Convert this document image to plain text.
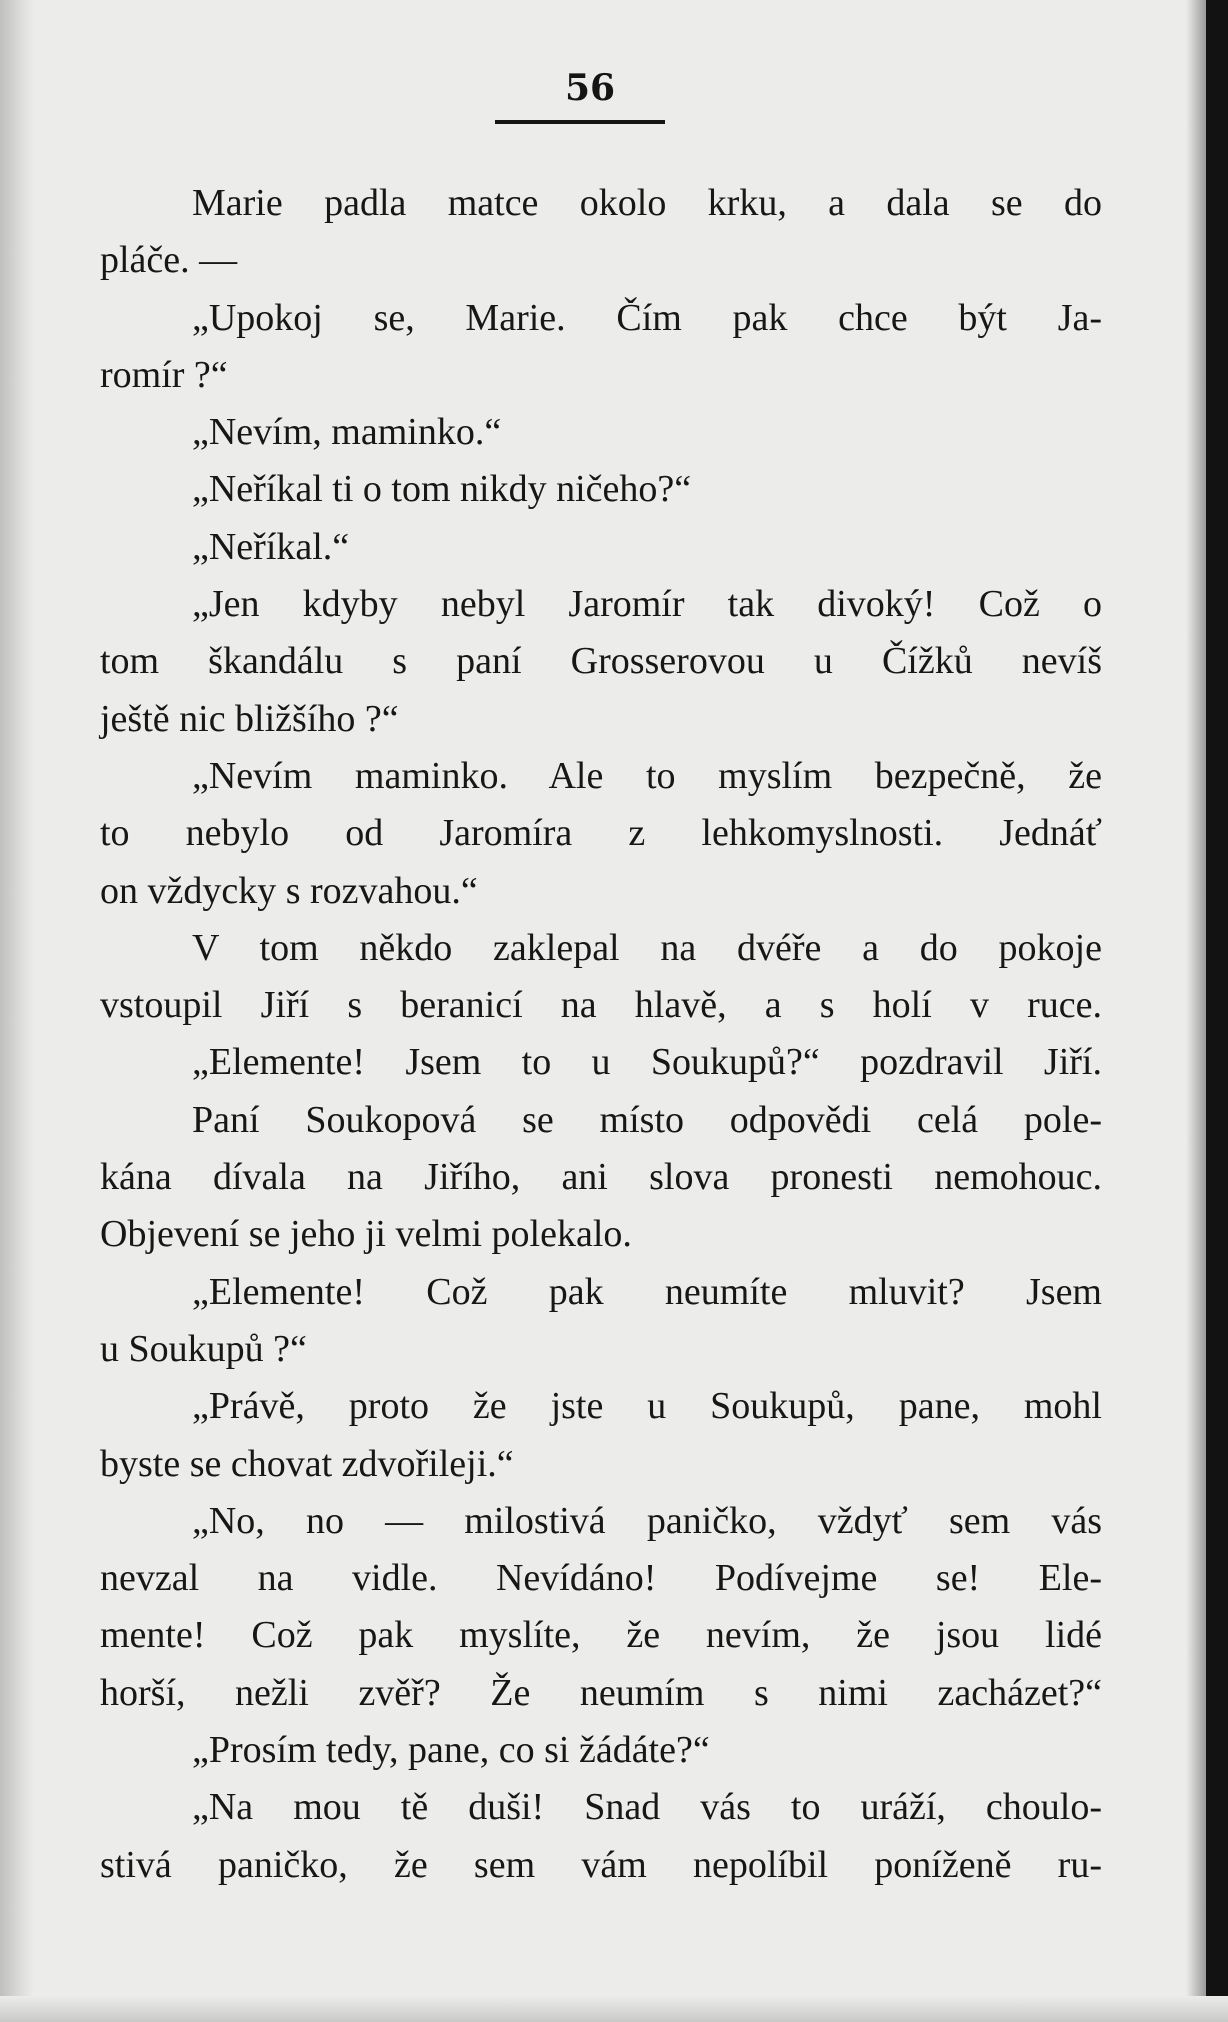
56
Marie padla matce okolo krku, a dala se do
pláče. —
„Upokoj se, Marie. Čím pak chce být Ja-
romír ?“
„Nevím, maminko.“
„Neříkal ti o tom nikdy ničeho?“
„Neříkal.“
„Jen kdyby nebyl Jaromír tak divoký! Což o
tom škandálu s paní Grosserovou u Čížků nevíš
ještě nic bližšího ?“
„Nevím maminko. Ale to myslím bezpečně, že
to nebylo od Jaromíra z lehkomyslnosti. Jednáť
on vždycky s rozvahou.“
V tom někdo zaklepal na dvéře a do pokoje
vstoupil Jiří s beranicí na hlavě, a s holí v ruce.
„Elemente! Jsem to u Soukupů?“ pozdravil Jiří.
Paní Soukopová se místo odpovědi celá pole-
kána dívala na Jiřího, ani slova pronesti nemohouc.
Objevení se jeho ji velmi polekalo.
„Elemente! Což pak neumíte mluvit? Jsem
u Soukupů ?“
„Právě, proto že jste u Soukupů, pane, mohl
byste se chovat zdvořileji.“
„No, no — milostivá paničko, vždyť sem vás
nevzal na vidle. Nevídáno! Podívejme se! Ele-
mente! Což pak myslíte, že nevím, že jsou lidé
horší, nežli zvěř? Že neumím s nimi zacházet?“
„Prosím tedy, pane, co si žádáte?“
„Na mou tě duši! Snad vás to uráží, choulo-
stivá paničko, že sem vám nepolíbil poníženě ru-
